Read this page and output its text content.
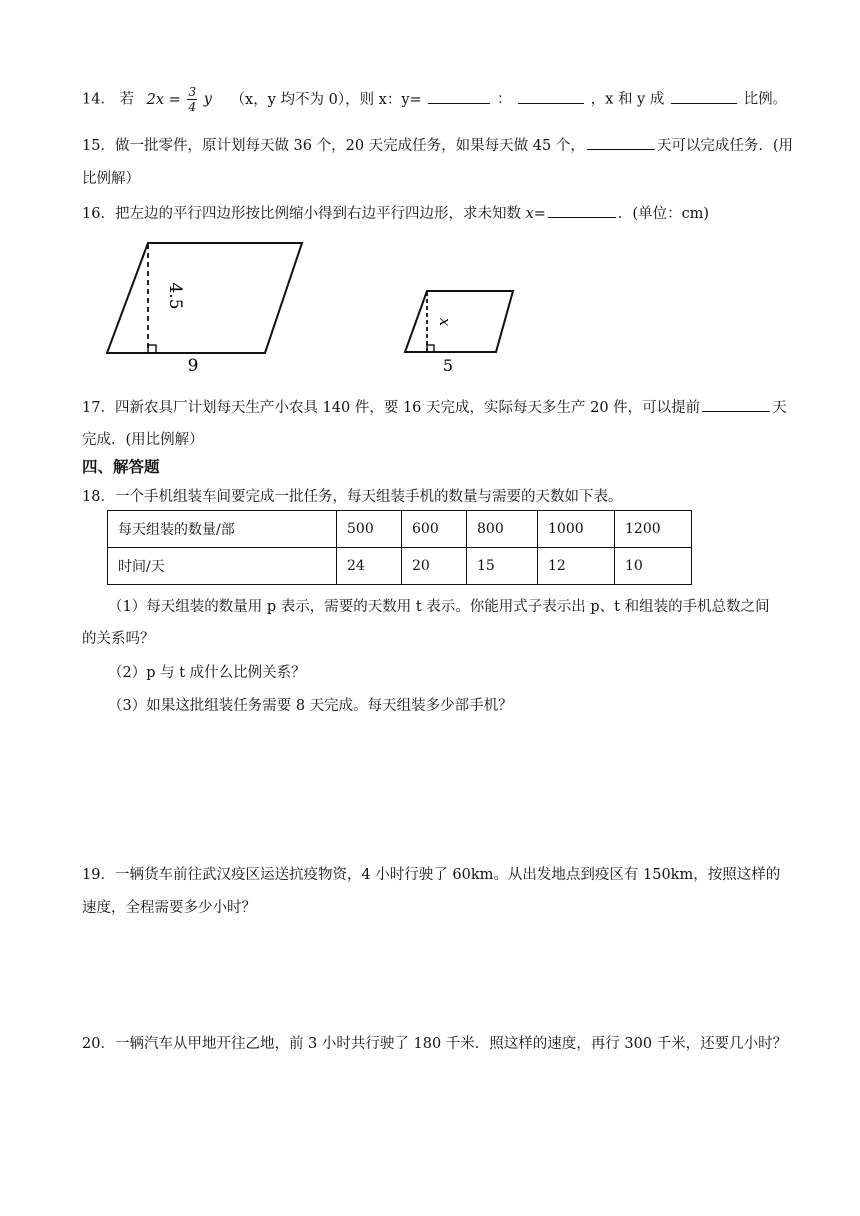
14． 若 $2x = \frac{3}{4}$ y （x，y 均不为 0），则 x：y=	：	，x 和 y 成	比例。
15．做一批零件，原计划每天做 36 个，20 天完成任务，如果每天做 45 个，	天可以完成任务．(用
比例解）
16．把左边的平行四边形按比例缩小得到右边平行四边形，求未知数 x=	．(单位：cm)
4.5
9
x
5
17．四新农具厂计划每天生产小农具 140 件，要 16 天完成，实际每天多生产 20 件，可以提前	天
完成．(用比例解）
四、解答题
18．一个手机组装车间要完成一批任务，每天组装手机的数量与需要的天数如下表。
每天组装的数量/部	500	600	800	1000	1200
时间/天	24	20	15	12	10
（1）每天组装的数量用 p 表示，需要的天数用 t 表示。你能用式子表示出 p、t 和组装的手机总数之间
的关系吗？
（2）p 与 t 成什么比例关系？
（3）如果这批组装任务需要 8 天完成。每天组装多少部手机？
19．一辆货车前往武汉疫区运送抗疫物资，4 小时行驶了 60km。从出发地点到疫区有 150km，按照这样的
速度，全程需要多少小时？
20．一辆汽车从甲地开往乙地，前 3 小时共行驶了 180 千米．照这样的速度，再行 300 千米，还要几小时？
